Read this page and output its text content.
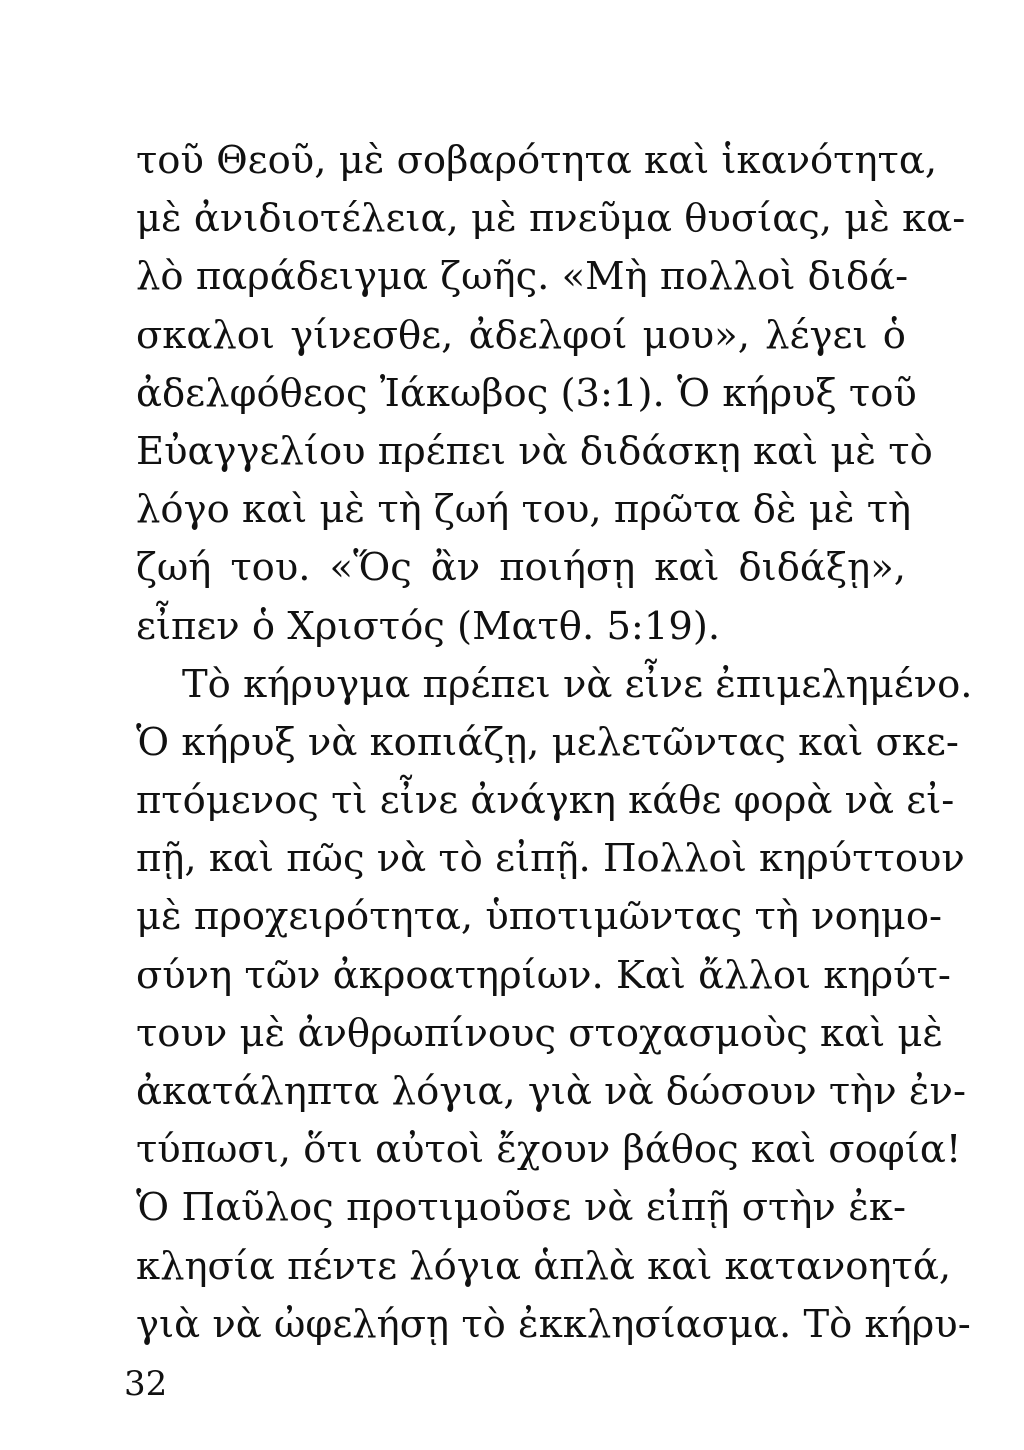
τοῦ Θεοῦ, μὲ σοβαρότητα καὶ ἱκανότητα,
μὲ ἀνιδιοτέλεια, μὲ πνεῦμα θυσίας, μὲ κα-
λὸ παράδειγμα ζωῆς. «Μὴ πολλοὶ διδά-
σκαλοι γίνεσθε, ἀδελφοί μου», λέγει ὁ
ἀδελφόθεος Ἰάκωβος (3:1). Ὁ κήρυξ τοῦ
Εὐαγγελίου πρέπει νὰ διδάσκῃ καὶ μὲ τὸ
λόγο καὶ μὲ τὴ ζωή του, πρῶτα δὲ μὲ τὴ
ζωή του. «Ὅς ἂν ποιήσῃ καὶ διδάξῃ»,
εἶπεν ὁ Χριστός (Ματθ. 5:19).
Τὸ κήρυγμα πρέπει νὰ εἶνε ἐπιμελημένο.
Ὁ κήρυξ νὰ κοπιάζῃ, μελετῶντας καὶ σκε-
πτόμενος τὶ εἶνε ἀνάγκη κάθε φορὰ νὰ εἰ-
πῇ, καὶ πῶς νὰ τὸ εἰπῇ. Πολλοὶ κηρύττουν
μὲ προχειρότητα, ὑποτιμῶντας τὴ νοημο-
σύνη τῶν ἀκροατηρίων. Καὶ ἄλλοι κηρύτ-
τουν μὲ ἀνθρωπίνους στοχασμοὺς καὶ μὲ
ἀκατάληπτα λόγια, γιὰ νὰ δώσουν τὴν ἐν-
τύπωσι, ὅτι αὐτοὶ ἔχουν βάθος καὶ σοφία!
Ὁ Παῦλος προτιμοῦσε νὰ εἰπῇ στὴν ἐκ-
κλησία πέντε λόγια ἁπλὰ καὶ κατανοητά,
γιὰ νὰ ὠφελήσῃ τὸ ἐκκλησίασμα. Τὸ κήρυ-
32
